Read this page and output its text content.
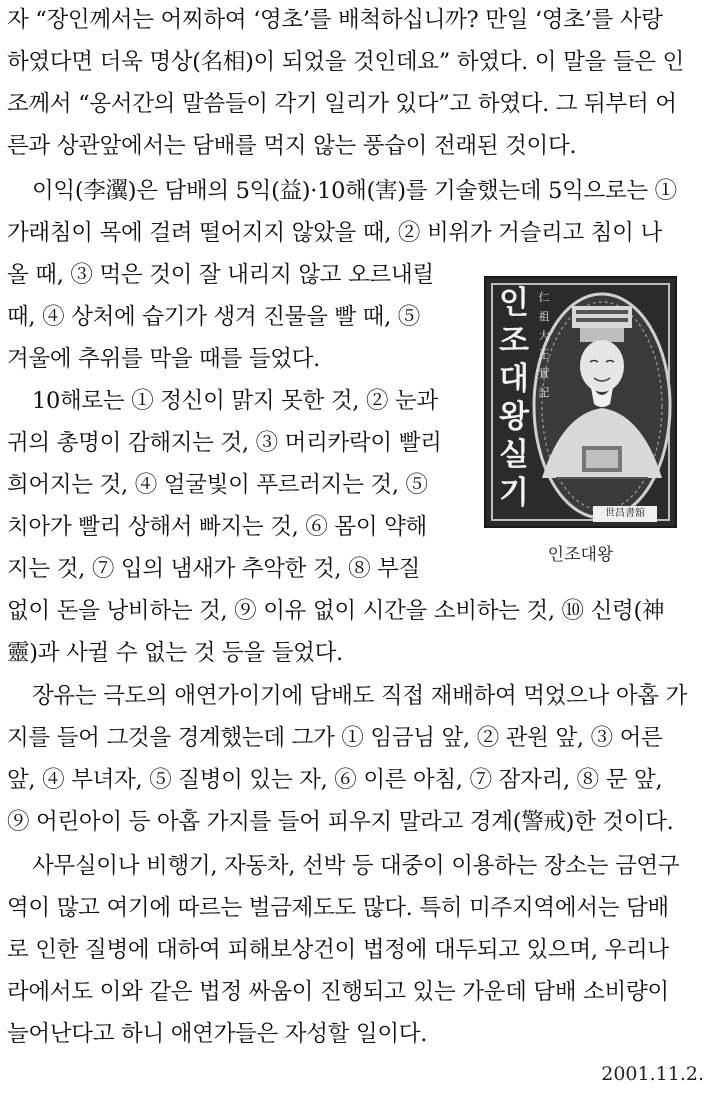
자 “장인께서는 어찌하여 ‘영초’를 배척하십니까? 만일 ‘영초’를 사랑
하였다면 더욱 명상(名相)이 되었을 것인데요” 하였다. 이 말을 들은 인
조께서 “옹서간의 말씀들이 각기 일리가 있다”고 하였다. 그 뒤부터 어
른과 상관앞에서는 담배를 먹지 않는 풍습이 전래된 것이다.
이익(李瀷)은 담배의 5익(益)·10해(害)를 기술했는데 5익으로는 ①
가래침이 목에 걸려 떨어지지 않았을 때, ② 비위가 거슬리고 침이 나
올 때, ③ 먹은 것이 잘 내리지 않고 오르내릴
때, ④ 상처에 습기가 생겨 진물을 빨 때, ⑤
겨울에 추위를 막을 때를 들었다.
10해로는 ① 정신이 맑지 못한 것, ② 눈과
귀의 총명이 감해지는 것, ③ 머리카락이 빨리
희어지는 것, ④ 얼굴빛이 푸르러지는 것, ⑤
치아가 빨리 상해서 빠지는 것, ⑥ 몸이 약해
지는 것, ⑦ 입의 냄새가 추악한 것, ⑧ 부질
없이 돈을 낭비하는 것, ⑨ 이유 없이 시간을 소비하는 것, ⑩ 신령(神
靈)과 사귈 수 없는 것 등을 들었다.
장유는 극도의 애연가이기에 담배도 직접 재배하여 먹었으나 아홉 가
지를 들어 그것을 경계했는데 그가 ① 임금님 앞, ② 관원 앞, ③ 어른
앞, ④ 부녀자, ⑤ 질병이 있는 자, ⑥ 이른 아침, ⑦ 잠자리, ⑧ 문 앞,
⑨ 어린아이 등 아홉 가지를 들어 피우지 말라고 경계(警戒)한 것이다.
사무실이나 비행기, 자동차, 선박 등 대중이 이용하는 장소는 금연구
역이 많고 여기에 따르는 벌금제도도 많다. 특히 미주지역에서는 담배
로 인한 질병에 대하여 피해보상건이 법정에 대두되고 있으며, 우리나
라에서도 이와 같은 법정 싸움이 진행되고 있는 가운데 담배 소비량이
늘어난다고 하니 애연가들은 자성할 일이다.
인
조
대
왕
실
기
仁
祖
大
王
實
記
世昌書舘
인조대왕
2001.11.2.
